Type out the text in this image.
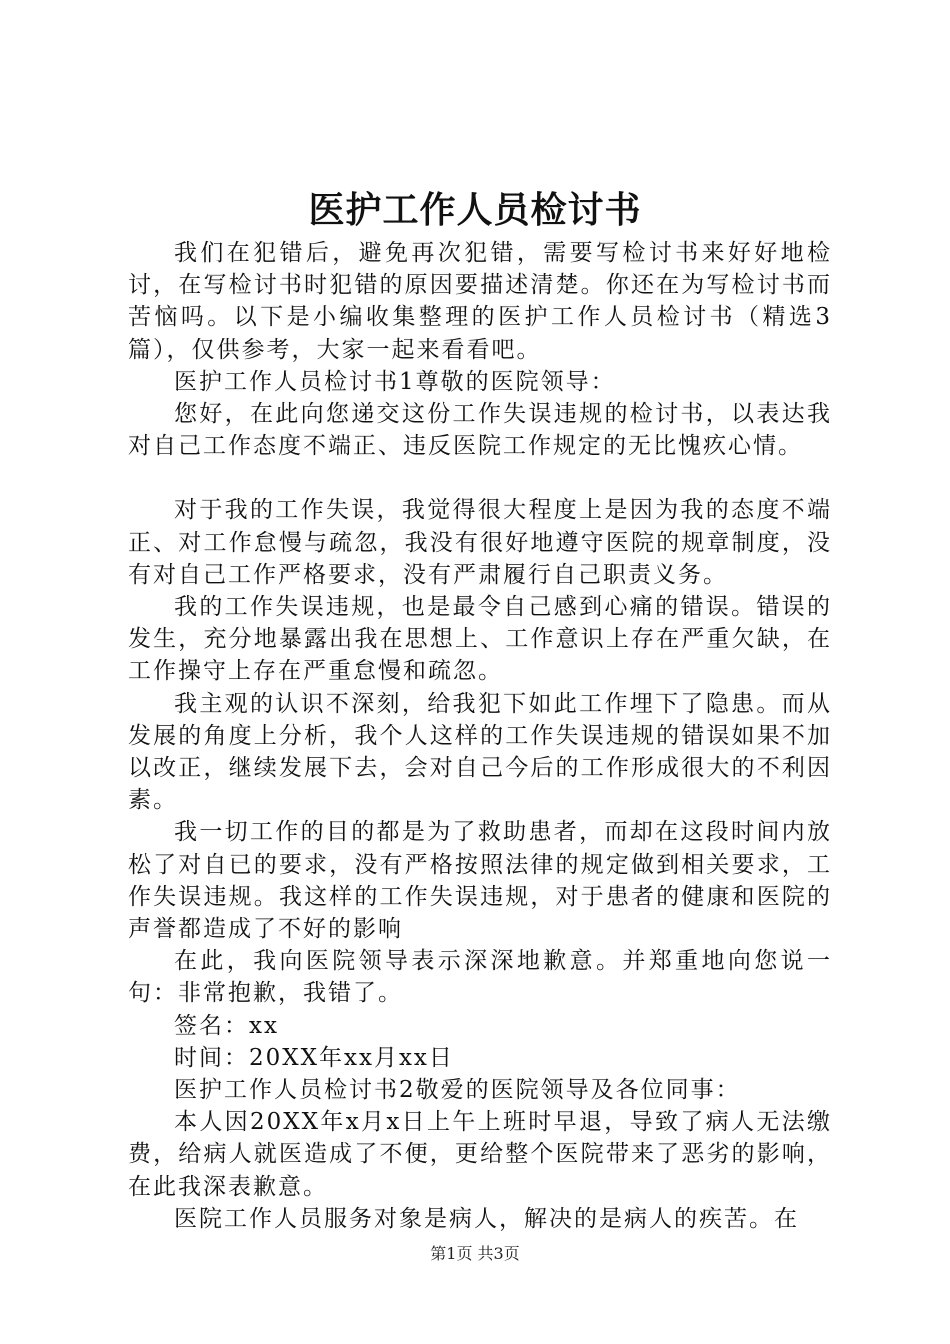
医护工作人员检讨书

我们在犯错后，避免再次犯错，需要写检讨书来好好地检讨，在写检讨书时犯错的原因要描述清楚。你还在为写检讨书而苦恼吗。以下是小编收集整理的医护工作人员检讨书（精选3篇），仅供参考，大家一起来看看吧。

医护工作人员检讨书1尊敬的医院领导：

您好，在此向您递交这份工作失误违规的检讨书，以表达我对自己工作态度不端正、违反医院工作规定的无比愧疚心情。

对于我的工作失误，我觉得很大程度上是因为我的态度不端正、对工作怠慢与疏忽，我没有很好地遵守医院的规章制度，没有对自己工作严格要求，没有严肃履行自己职责义务。

我的工作失误违规，也是最令自己感到心痛的错误。错误的发生，充分地暴露出我在思想上、工作意识上存在严重欠缺，在工作操守上存在严重怠慢和疏忽。

我主观的认识不深刻，给我犯下如此工作埋下了隐患。而从发展的角度上分析，我个人这样的工作失误违规的错误如果不加以改正，继续发展下去，会对自己今后的工作形成很大的不利因素。

我一切工作的目的都是为了救助患者，而却在这段时间内放松了对自已的要求，没有严格按照法律的规定做到相关要求，工作失误违规。我这样的工作失误违规，对于患者的健康和医院的声誉都造成了不好的影响

在此，我向医院领导表示深深地歉意。并郑重地向您说一句：非常抱歉，我错了。

签名：xx

时间：20XX年xx月xx日

医护工作人员检讨书2敬爱的医院领导及各位同事：

本人因20XX年x月x日上午上班时早退，导致了病人无法缴费，给病人就医造成了不便，更给整个医院带来了恶劣的影响，在此我深表歉意。

医院工作人员服务对象是病人，解决的是病人的疾苦。在

第1页 共3页
